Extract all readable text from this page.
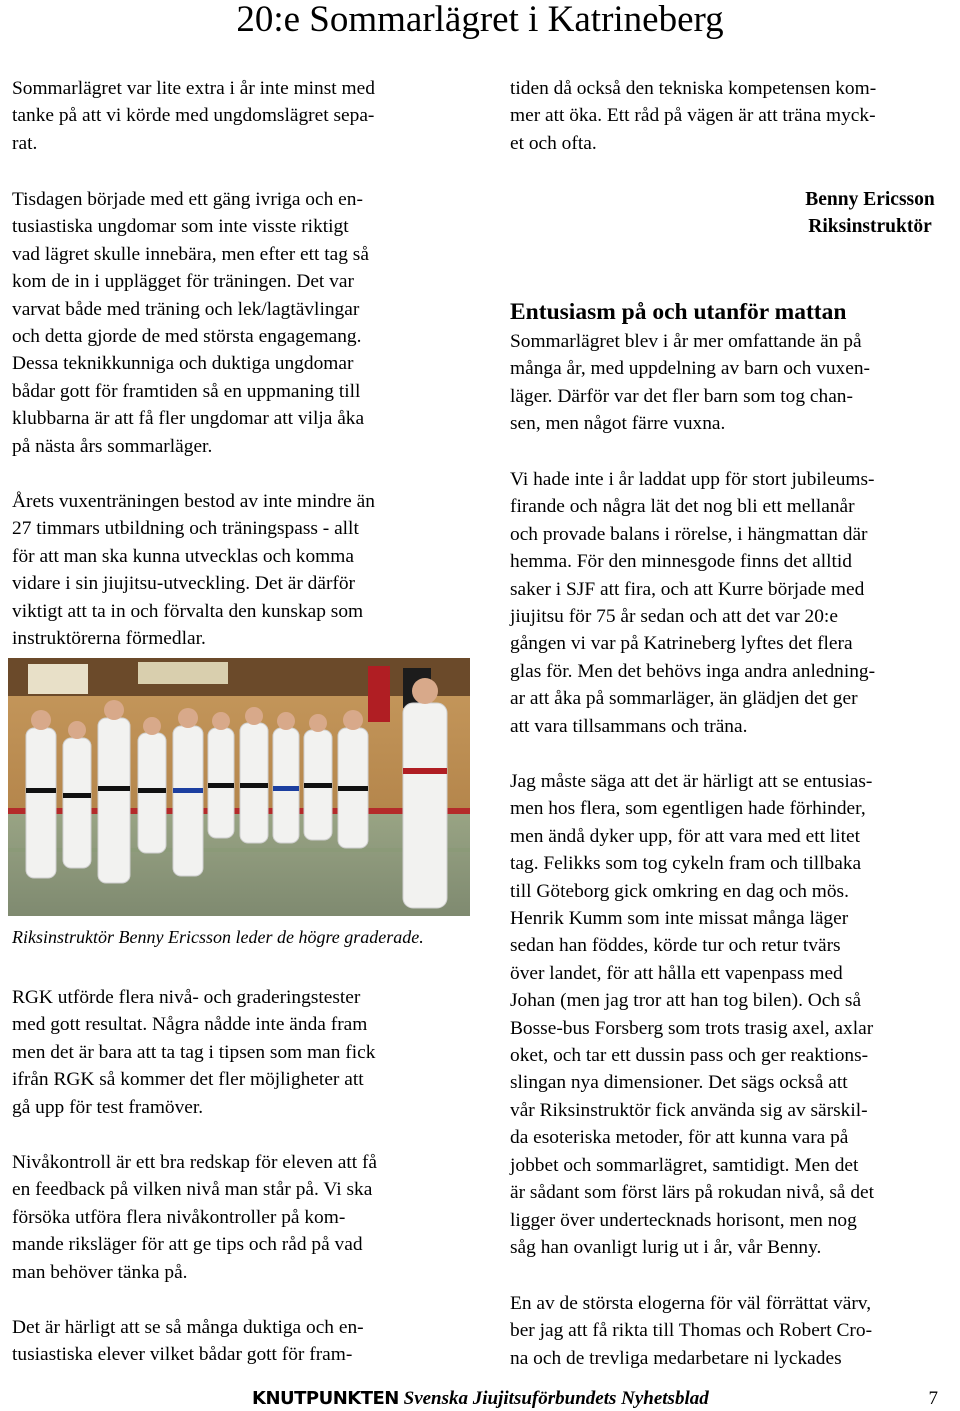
20:e Sommarlägret i Katrineberg

Sommarlägret var lite extra i år inte minst med

tanke på att vi körde med ungdomslägret sepa-

rat.

Tisdagen började med ett gäng ivriga och en-

tusiastiska ungdomar som inte visste riktigt

vad lägret skulle innebära, men efter ett tag så

kom de in i upplägget för träningen. Det var

varvat både med träning och lek/lagtävlingar

och detta gjorde de med största engagemang.

Dessa teknikkunniga och duktiga ungdomar

bådar gott för framtiden så en uppmaning till

klubbarna är att få fler ungdomar att vilja åka

på nästa års sommarläger.

Årets vuxenträningen bestod av inte mindre än

27 timmars utbildning och träningspass - allt

för att man ska kunna utvecklas och komma

vidare i sin jiujitsu-utveckling. Det är därför

viktigt att ta in och förvalta den kunskap som

instruktörerna förmedlar.

Riksinstruktör Benny Ericsson leder de högre graderade.

RGK utförde flera nivå- och graderingstester

med gott resultat. Några nådde inte ända fram

men det är bara att ta tag i tipsen som man fick

ifrån RGK så kommer det fler möjligheter att

gå upp för test framöver.

Nivåkontroll är ett bra redskap för eleven att få

en feedback på vilken nivå man står på. Vi ska

försöka utföra flera nivåkontroller på kom-

mande riksläger för att ge tips och råd på vad

man behöver tänka på.

Det är härligt att se så många duktiga och en-

tusiastiska elever vilket bådar gott för fram-

tiden då också den tekniska kompetensen kom-

mer att öka. Ett råd på vägen är att träna myck-

et och ofta.

Benny Ericsson
Riksinstruktör
Entusiasm på och utanför mattan

Sommarlägret blev i år mer omfattande än på

många år, med uppdelning av barn och vuxen-

läger. Därför var det fler barn som tog chan-

sen, men något färre vuxna.

Vi hade inte i år laddat upp för stort jubileums-

firande och några lät det nog bli ett mellanår

och provade balans i rörelse, i hängmattan där

hemma. För den minnesgode finns det alltid

saker i SJF att fira, och att Kurre började med

jiujitsu för 75 år sedan och att det var 20:e

gången vi var på Katrineberg lyftes det flera

glas för. Men det behövs inga andra anledning-

ar att åka på sommarläger, än glädjen det ger

att vara tillsammans och träna.

Jag måste säga att det är härligt att se entusias-

men hos flera, som egentligen hade förhinder,

men ändå dyker upp, för att vara med ett litet

tag. Felikks som tog cykeln fram och tillbaka

till Göteborg gick omkring en dag och mös.

Henrik Kumm som inte missat många läger

sedan han föddes, körde tur och retur tvärs

över landet, för att hålla ett vapenpass med

Johan (men jag tror att han tog bilen). Och så

Bosse-bus Forsberg som trots trasig axel, axlar

oket, och tar ett dussin pass och ger reaktions-

slingan nya dimensioner. Det sägs också att

vår Riksinstruktör fick använda sig av särskil-

da esoteriska metoder, för att kunna vara på

jobbet och sommarlägret, samtidigt. Men det

är sådant som först lärs på rokudan nivå, så det

ligger över undertecknads horisont, men nog

såg han ovanligt lurig ut i år, vår Benny.

En av de största elogerna för väl förrättat värv,

ber jag att få rikta till Thomas och Robert Cro-

na och de trevliga medarbetare ni lyckades

KNUTPUNKTEN Svenska Jiujitsuförbundets Nyhetsblad	7
